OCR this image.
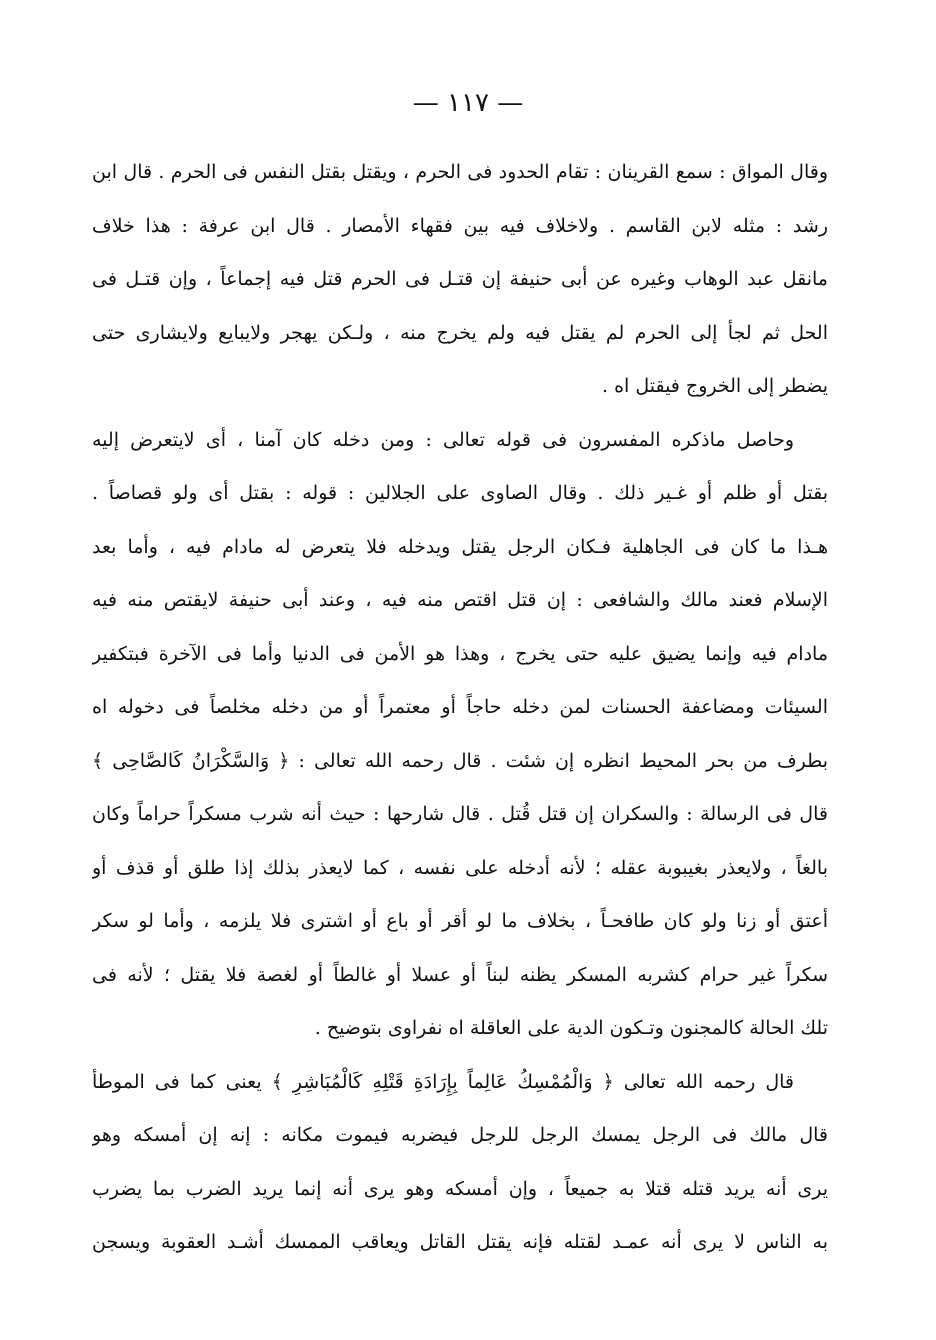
— ١١٧ —
وقال المواق : سمع القرينان : تقام الحدود فى الحرم ، ويقتل بقتل النفس فى الحرم . قال ابن
رشد : مثله لابن القاسم . ولاخلاف فيه بين فقهاء الأمصار . قال ابن عرفة : هذا خلاف
مانقل عبد الوهاب وغيره عن أبى حنيفة إن قتـل فى الحرم قتل فيه إجماعاً ، وإن قتـل فى
الحل ثم لجأ إلى الحرم لم يقتل فيه ولم يخرج منه ، ولـكن يهجر ولايبايع ولايشارى حتى
يضطر إلى الخروج فيقتل اه .
وحاصل ماذكره المفسرون فى قوله تعالى : ومن دخله كان آمنا ، أى لايتعرض إليه
بقتل أو ظلم أو غـير ذلك . وقال الصاوى على الجلالين : قوله : بقتل أى ولو قصاصاً .
هـذا ما كان فى الجاهلية فـكان الرجل يقتل ويدخله فلا يتعرض له مادام فيه ، وأما بعد
الإسلام فعند مالك والشافعى : إن قتل اقتص منه فيه ، وعند أبى حنيفة لايقتص منه فيه
مادام فيه وإنما يضيق عليه حتى يخرج ، وهذا هو الأمن فى الدنيا وأما فى الآخرة فبتكفير
السيئات ومضاعفة الحسنات لمن دخله حاجاً أو معتمراً أو من دخله مخلصاً فى دخوله اه
بطرف من بحر المحيط انظره إن شئت . قال رحمه الله تعالى : ﴿ وَالسَّكْرَانُ كَالصَّاحِى ﴾
قال فى الرسالة : والسكران إن قتل قُتل . قال شارحها : حيث أنه شرب مسكراً حراماً وكان
بالغاً ، ولايعذر بغيبوبة عقله ؛ لأنه أدخله على نفسه ، كما لايعذر بذلك إذا طلق أو قذف أو
أعتق أو زنا ولو كان طافحـاً ، بخلاف ما لو أقر أو باع أو اشترى فلا يلزمه ، وأما لو سكر
سكراً غير حرام كشربه المسكر يظنه لبناً أو عسلا أو غالطاً أو لغصة فلا يقتل ؛ لأنه فى
تلك الحالة كالمجنون وتـكون الدية على العاقلة اه نفراوى بتوضيح .
قال رحمه الله تعالى ﴿ وَالْمُمْسِكُ عَالِماً بِإِرَادَةِ قَتْلِهِ كَالْمُبَاشِرِ ﴾ يعنى كما فى الموطأ
قال مالك فى الرجل يمسك الرجل للرجل فيضربه فيموت مكانه : إنه إن أمسكه وهو
يرى أنه يريد قتله قتلا به جميعاً ، وإن أمسكه وهو يرى أنه إنما يريد الضرب بما يضرب
به الناس لا يرى أنه عمـد لقتله فإنه يقتل القاتل ويعاقب الممسك أشـد العقوبة ويسجن
